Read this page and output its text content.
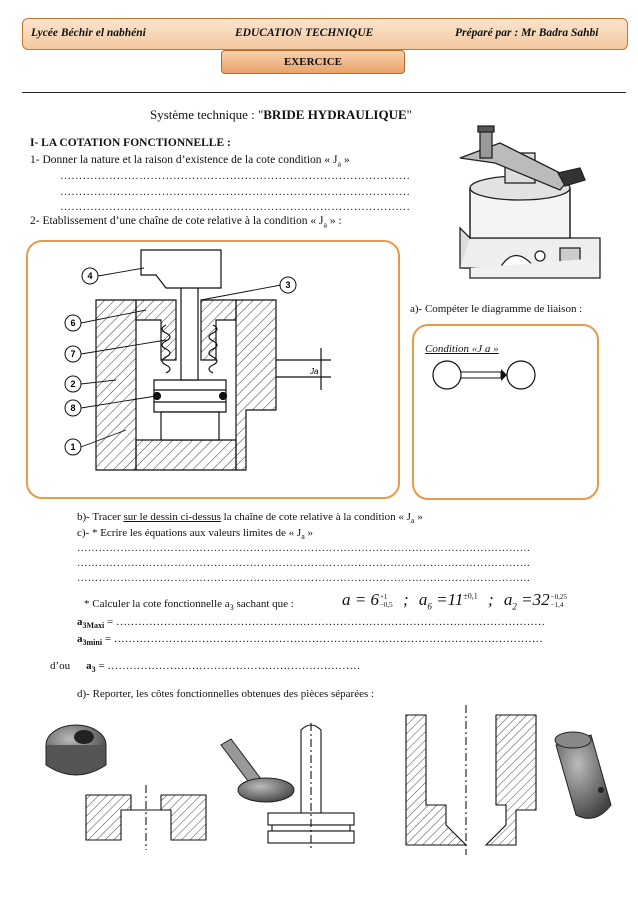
Lycée Béchir el nabhéni	EDUCATION TECHNIQUE	Préparé par : Mr Badra Sahbi
EXERCICE
Système technique : "BRIDE HYDRAULIQUE"
I- LA COTATION FONCTIONNELLE :
1- Donner la nature et la raison d’existence de la cote condition « $J_a$ »
…………………………………………………………………………………
…………………………………………………………………………………
…………………………………………………………………………………
2- Etablissement d’une chaîne de cote relative à la condition « $J_a$ » :
Ja
4
3
6
7
2
8
1
a)- Compéter le diagramme de liaison :
Condition «J a »
b)- Tracer sur le dessin ci-dessus la chaîne de cote relative à la condition « $J_a$ »
c)- * Ecrire les équations aux valeurs limites de « $J_a$ »
………………………………………………………………………………………………………………
………………………………………………………………………………………………………………
………………………………………………………………………………………………………………
* Calculer la cote fonctionnelle $a_3$ sachant que :	a = 6 +1
−0,5 ; $a_6 =11^{\pm 0,1}$ ; $a_2 =32 -0,25$
−1,4
$a_{3Maxi}$ = ………………………………………………………………………………………………………
$a_{3mini}$ = ………………………………………………………………………………………………………
d’ou $a_3$ = ……………………………………………………………
d)- Reporter, les côtes fonctionnelles obtenues des pièces séparées :
